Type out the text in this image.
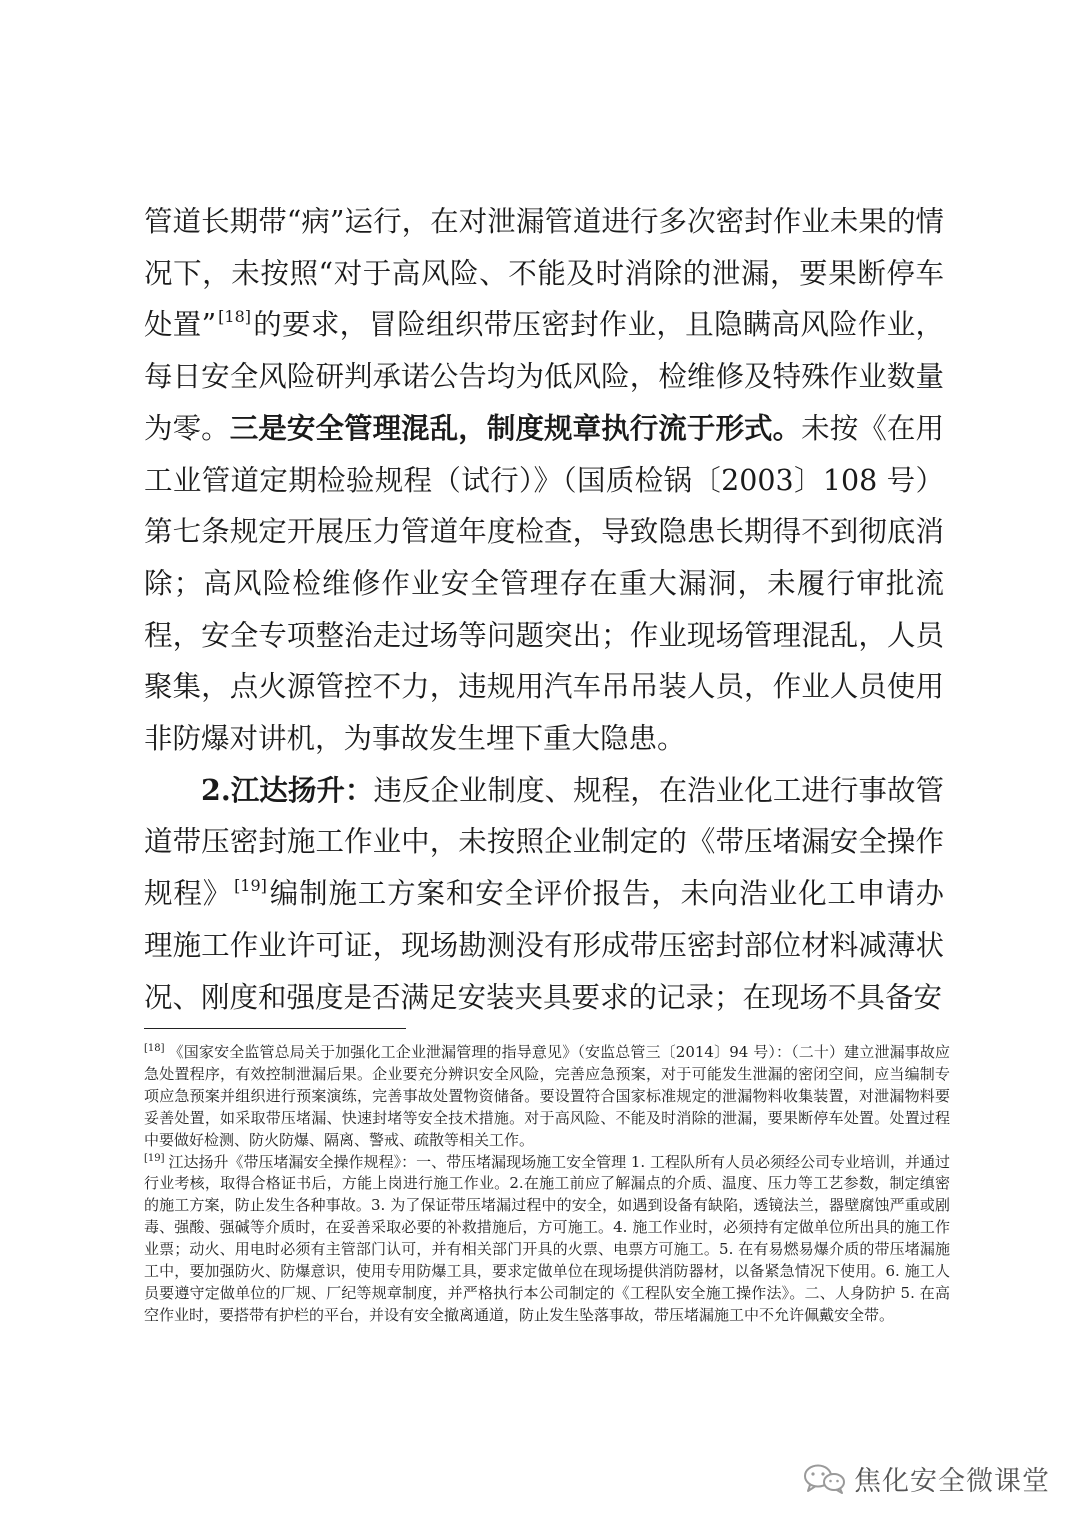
管道长期带“病”运行，在对泄漏管道进行多次密封作业未果的情况下，未按照“对于高风险、不能及时消除的泄漏，要果断停车处置” [18]的要求，冒险组织带压密封作业，且隐瞒高风险作业，每日安全风险研判承诺公告均为低风险，检维修及特殊作业数量为零。三是安全管理混乱，制度规章执行流于形式。未按《在用工业管道定期检验规程（试行）》（国质检锅〔2003〕108 号）第七条规定开展压力管道年度检查，导致隐患长期得不到彻底消除；高风险检维修作业安全管理存在重大漏洞，未履行审批流程，安全专项整治走过场等问题突出；作业现场管理混乱，人员聚集，点火源管控不力，违规用汽车吊吊装人员，作业人员使用非防爆对讲机，为事故发生埋下重大隐患。

2.江达扬升：违反企业制度、规程，在浩业化工进行事故管道带压密封施工作业中，未按照企业制定的《带压堵漏安全操作规程》 [19]编制施工方案和安全评价报告，未向浩业化工申请办理施工作业许可证，现场勘测没有形成带压密封部位材料减薄状况、刚度和强度是否满足安装夹具要求的记录；在现场不具备安

[18] 《国家安全监管总局关于加强化工企业泄漏管理的指导意见》（安监总管三〔2014〕94 号）：（二十）建立泄漏事故应急处置程序，有效控制泄漏后果。企业要充分辨识安全风险，完善应急预案，对于可能发生泄漏的密闭空间，应当编制专项应急预案并组织进行预案演练，完善事故处置物资储备。要设置符合国家标准规定的泄漏物料收集装置，对泄漏物料要妥善处置，如采取带压堵漏、快速封堵等安全技术措施。对于高风险、不能及时消除的泄漏，要果断停车处置。处置过程中要做好检测、防火防爆、隔离、警戒、疏散等相关工作。

[19] 江达扬升《带压堵漏安全操作规程》：一、带压堵漏现场施工安全管理 1. 工程队所有人员必须经公司专业培训，并通过行业考核，取得合格证书后，方能上岗进行施工作业。2.在施工前应了解漏点的介质、温度、压力等工艺参数，制定缜密的施工方案，防止发生各种事故。3. 为了保证带压堵漏过程中的安全，如遇到设备有缺陷，透镜法兰，器壁腐蚀严重或剧毒、强酸、强碱等介质时，在妥善采取必要的补救措施后，方可施工。4. 施工作业时，必须持有定做单位所出具的施工作业票；动火、用电时必须有主管部门认可，并有相关部门开具的火票、电票方可施工。5. 在有易燃易爆介质的带压堵漏施工中，要加强防火、防爆意识，使用专用防爆工具，要求定做单位在现场提供消防器材，以备紧急情况下使用。6. 施工人员要遵守定做单位的厂规、厂纪等规章制度，并严格执行本公司制定的《工程队安全施工操作法》。二、人身防护 5. 在高空作业时，要搭带有护栏的平台，并设有安全撤离通道，防止发生坠落事故，带压堵漏施工中不允许佩戴安全带。

焦化安全微课堂
